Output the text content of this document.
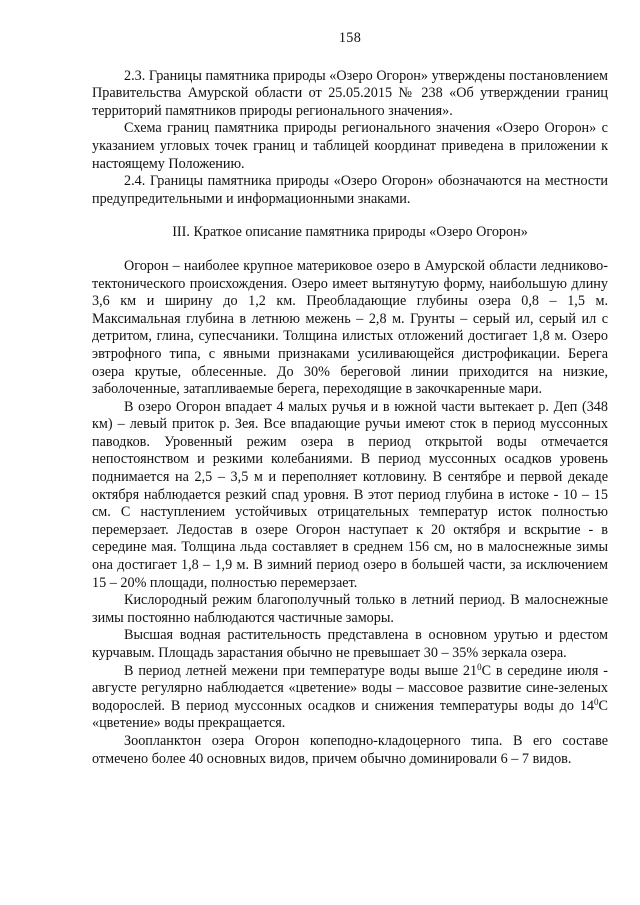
158

2.3. Границы памятника природы «Озеро Огорон» утверждены постановлением Правительства Амурской области от 25.05.2015 № 238 «Об утверждении границ территорий памятников природы регионального значения».

Схема границ памятника природы регионального значения «Озеро Огорон» с указанием угловых точек границ и таблицей координат приведена в приложении к настоящему Положению.

2.4. Границы памятника природы «Озеро Огорон» обозначаются на местности предупредительными и информационными знаками.

III. Краткое описание памятника природы «Озеро Огорон»

Огорон – наиболее крупное материковое озеро в Амурской области ледниково-тектонического происхождения. Озеро имеет вытянутую форму, наибольшую длину 3,6 км и ширину до 1,2 км. Преобладающие глубины озера 0,8 – 1,5 м. Максимальная глубина в летнюю межень – 2,8 м. Грунты – серый ил, серый ил с детритом, глина, супесчаники. Толщина илистых отложений достигает 1,8 м. Озеро эвтрофного типа, с явными признаками усиливающейся дистрофикации. Берега озера крутые, облесенные. До 30% береговой линии приходится на низкие, заболоченные, затапливаемые берега, переходящие в закочкаренные мари.

В озеро Огорон впадает 4 малых ручья и в южной части вытекает р. Деп (348 км) – левый приток р. Зея. Все впадающие ручьи имеют сток в период муссонных паводков. Уровенный режим озера в период открытой воды отмечается непостоянством и резкими колебаниями. В период муссонных осадков уровень поднимается на 2,5 – 3,5 м и переполняет котловину. В сентябре и первой декаде октября наблюдается резкий спад уровня. В этот период глубина в истоке - 10 – 15 см. С наступлением устойчивых отрицательных температур исток полностью перемерзает. Ледостав в озере Огорон наступает к 20 октября и вскрытие - в середине мая. Толщина льда составляет в среднем 156 см, но в малоснежные зимы она достигает 1,8 – 1,9 м. В зимний период озеро в большей части, за исключением 15 – 20% площади, полностью перемерзает.

Кислородный режим благополучный только в летний период. В малоснежные зимы постоянно наблюдаются частичные заморы.

Высшая водная растительность представлена в основном урутью и рдестом курчавым. Площадь зарастания обычно не превышает 30 – 35% зеркала озера.

В период летней межени при температуре воды выше $21^0С$ в середине июля - августе регулярно наблюдается «цветение» воды – массовое развитие сине-зеленых водорослей. В период муссонных осадков и снижения температуры воды до $14^0С$ «цветение» воды прекращается.

Зоопланктон озера Огорон копеподно-кладоцерного типа. В его составе отмечено более 40 основных видов, причем обычно доминировали 6 – 7 видов.
